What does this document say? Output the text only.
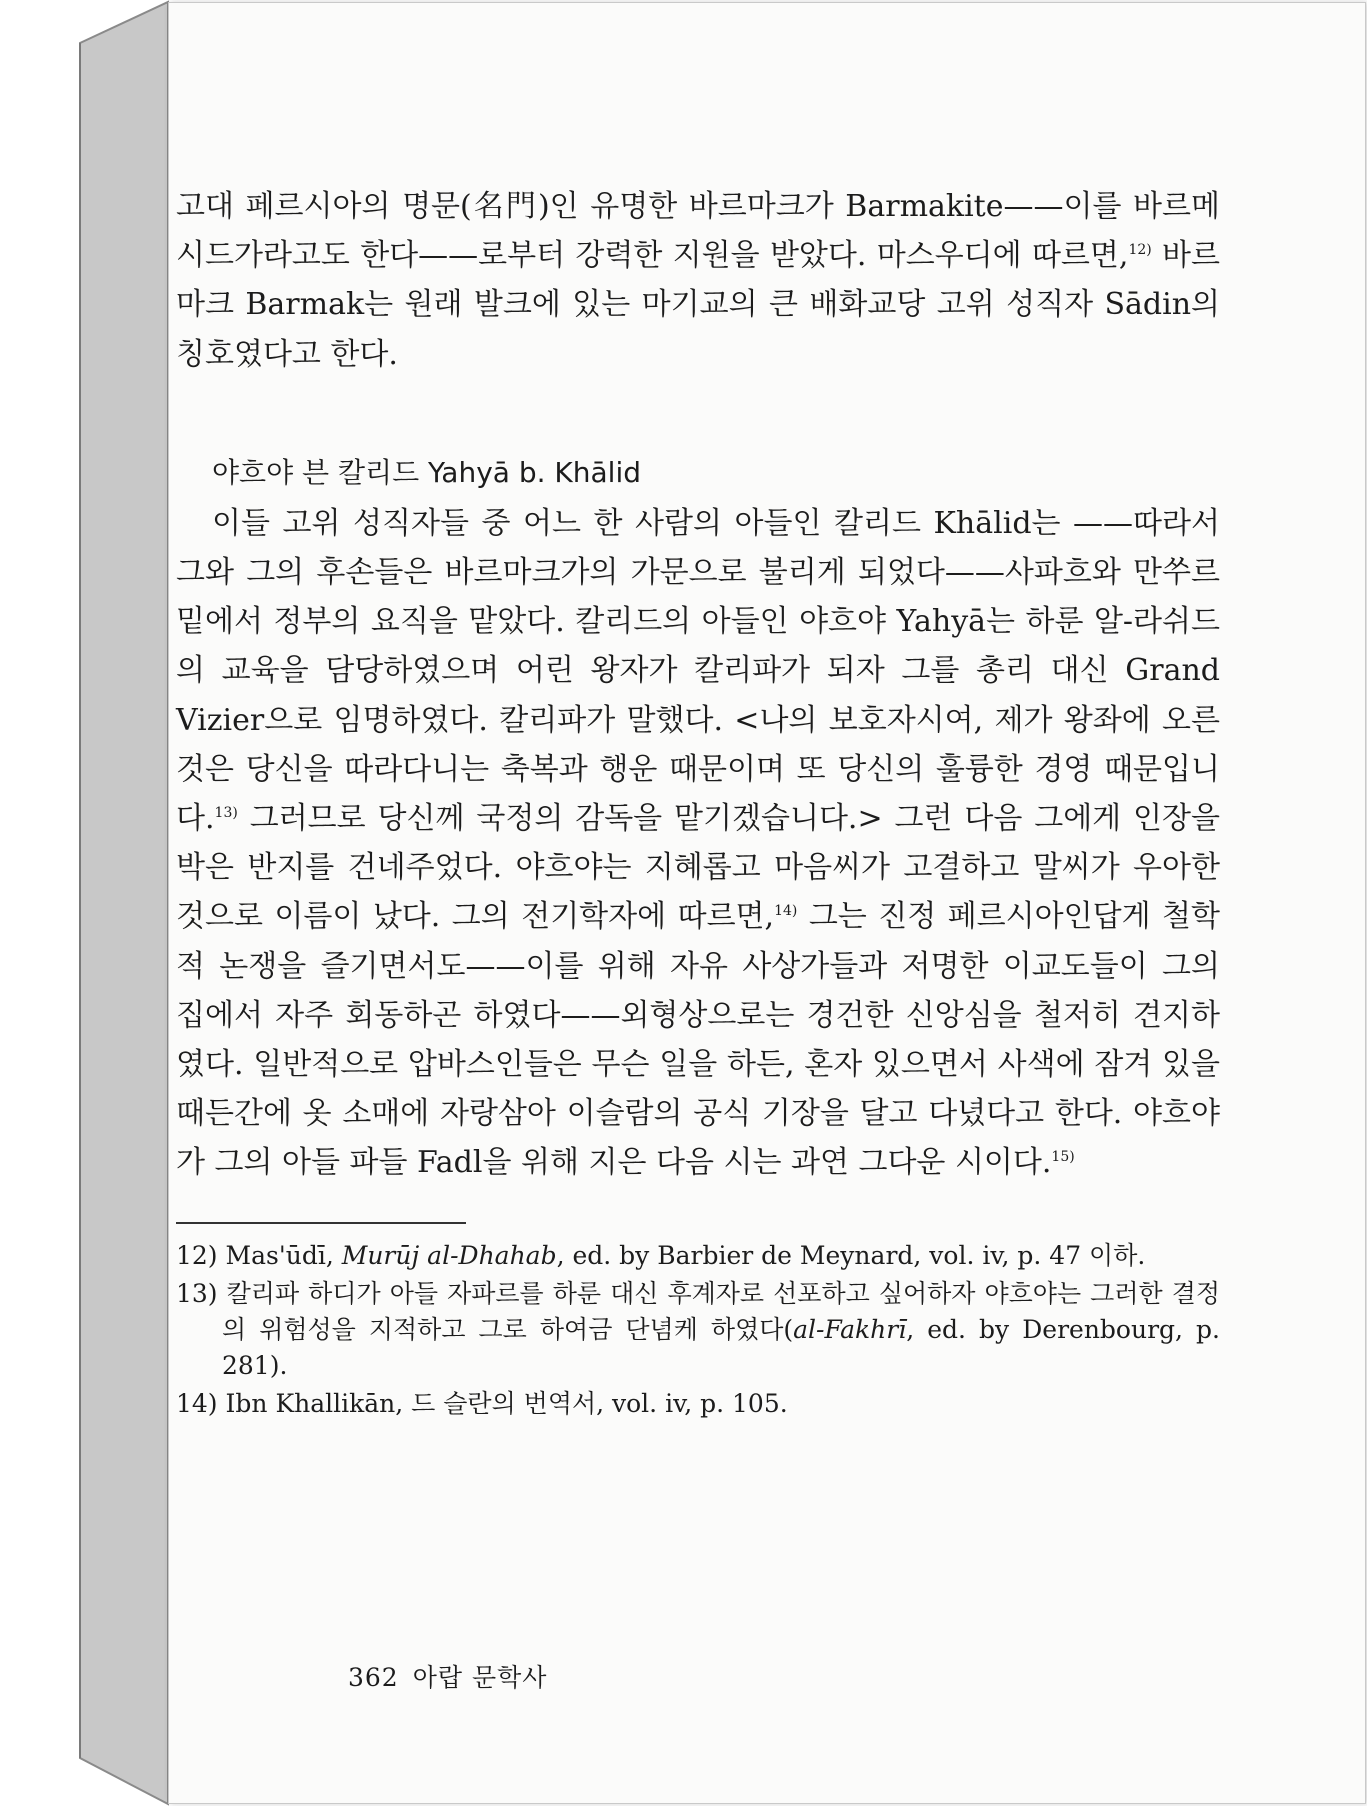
고대 페르시아의 명문(名門)인 유명한 바르마크가 Barmakite——이를 바르메시드가라고도 한다——로부터 강력한 지원을 받았다. 마스우디에 따르면,$^{12)}$ 바르마크 Barmak는 원래 발크에 있는 마기교의 큰 배화교당 고위 성직자 Sādin의 칭호였다고 한다.

야흐야 븐 칼리드 Yahyā b. Khālid

이들 고위 성직자들 중 어느 한 사람의 아들인 칼리드 Khālid는 ——따라서 그와 그의 후손들은 바르마크가의 가문으로 불리게 되었다——사파흐와 만쑤르 밑에서 정부의 요직을 맡았다. 칼리드의 아들인 야흐야 Yahyā는 하룬 알-라쉬드의 교육을 담당하였으며 어린 왕자가 칼리파가 되자 그를 총리 대신 Grand Vizier으로 임명하였다. 칼리파가 말했다. <나의 보호자시여, 제가 왕좌에 오른 것은 당신을 따라다니는 축복과 행운 때문이며 또 당신의 훌륭한 경영 때문입니다.$^{13)}$ 그러므로 당신께 국정의 감독을 맡기겠습니다.> 그런 다음 그에게 인장을 박은 반지를 건네주었다. 야흐야는 지혜롭고 마음씨가 고결하고 말씨가 우아한 것으로 이름이 났다. 그의 전기학자에 따르면,$^{14)}$ 그는 진정 페르시아인답게 철학적 논쟁을 즐기면서도——이를 위해 자유 사상가들과 저명한 이교도들이 그의 집에서 자주 회동하곤 하였다——외형상으로는 경건한 신앙심을 철저히 견지하였다. 일반적으로 압바스인들은 무슨 일을 하든, 혼자 있으면서 사색에 잠겨 있을 때든간에 옷 소매에 자랑삼아 이슬람의 공식 기장을 달고 다녔다고 한다. 야흐야가 그의 아들 파들 Fadl을 위해 지은 다음 시는 과연 그다운 시이다.$^{15)}$

12) Mas'ūdī, Murūj al-Dhahab, ed. by Barbier de Meynard, vol. iv, p. 47 이하.

13) 칼리파 하디가 아들 자파르를 하룬 대신 후계자로 선포하고 싶어하자 야흐야는 그러한 결정의 위험성을 지적하고 그로 하여금 단념케 하였다(al-Fakhrī, ed. by Derenbourg, p. 281).

14) Ibn Khallikān, 드 슬란의 번역서, vol. iv, p. 105.

362 아랍 문학사
